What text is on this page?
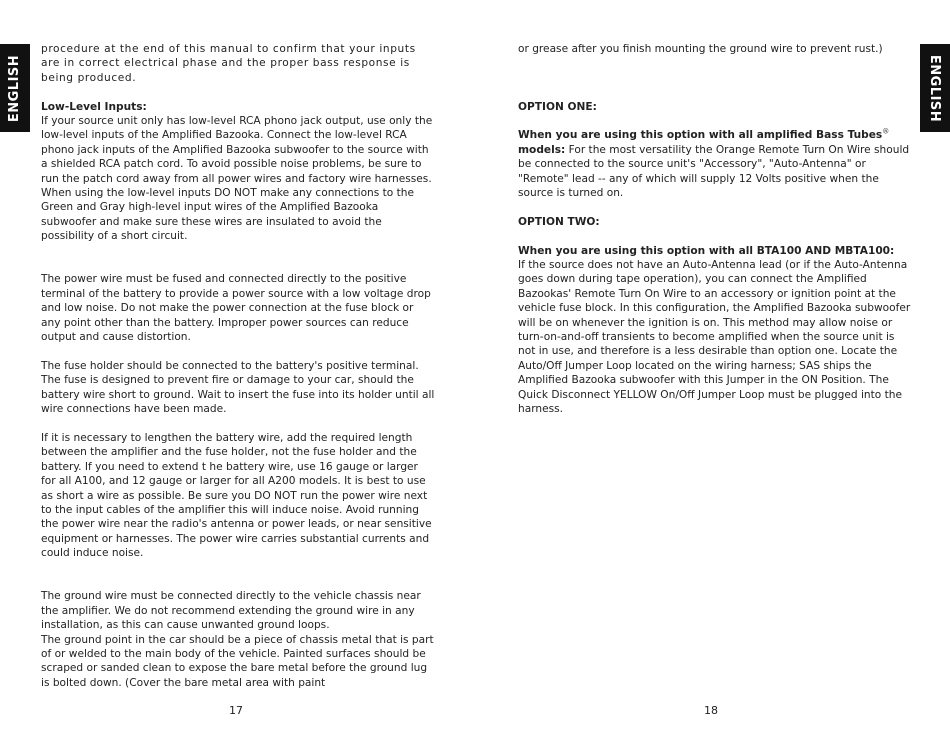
ENGLISH	ENGLISH

procedure at the end of this manual to confirm that your inputs are in correct electrical phase and the proper bass response is being produced.

Low-Level Inputs:

If your source unit only has low-level RCA phono jack output, use only the low-level inputs of the Amplified Bazooka. Connect the low-level RCA phono jack inputs of the Amplified Bazooka subwoofer to the source with a shielded RCA patch cord. To avoid possible noise problems, be sure to run the patch cord away from all power wires and factory wire harnesses. When using the low-level inputs DO NOT make any connections to the Green and Gray high-level input wires of the Amplified Bazooka subwoofer and make sure these wires are insulated to avoid the possibility of a short circuit.

The power wire must be fused and connected directly to the positive terminal of the battery to provide a power source with a low voltage drop and low noise. Do not make the power connection at the fuse block or any point other than the battery. Improper power sources can reduce output and cause distortion.

The fuse holder should be connected to the battery's positive terminal. The fuse is designed to prevent fire or damage to your car, should the battery wire short to ground. Wait to insert the fuse into its holder until all wire connections have been made.

If it is necessary to lengthen the battery wire, add the required length between the amplifier and the fuse holder, not the fuse holder and the battery. If you need to extend t he battery wire, use 16 gauge or larger for all A100, and 12 gauge or larger for all A200 models. It is best to use as short a wire as possible. Be sure you DO NOT run the power wire next to the input cables of the amplifier this will induce noise. Avoid running the power wire near the radio's antenna or power leads, or near sensitive equipment or harnesses. The power wire carries substantial currents and could induce noise.

The ground wire must be connected directly to the vehicle chassis near the amplifier. We do not recommend extending the ground wire in any installation, as this can cause unwanted ground loops.

The ground point in the car should be a piece of chassis metal that is part of or welded to the main body of the vehicle. Painted surfaces should be scraped or sanded clean to expose the bare metal before the ground lug is bolted down. (Cover the bare metal area with paint

or grease after you finish mounting the ground wire to prevent rust.)

OPTION ONE:

When you are using this option with all amplified Bass Tubes® models: For the most versatility the Orange Remote Turn On Wire should be connected to the source unit's "Accessory", "Auto-Antenna" or "Remote" lead -- any of which will supply 12 Volts positive when the source is turned on.

OPTION TWO:

When you are using this option with all BTA100 AND MBTA100:

If the source does not have an Auto-Antenna lead (or if the Auto-Antenna goes down during tape operation), you can connect the Amplified Bazookas' Remote Turn On Wire to an accessory or ignition point at the vehicle fuse block. In this configuration, the Amplified Bazooka subwoofer will be on whenever the ignition is on. This method may allow noise or turn-on-and-off transients to become amplified when the source unit is not in use, and therefore is a less desirable than option one. Locate the Auto/Off Jumper Loop located on the wiring harness; SAS ships the Amplified Bazooka subwoofer with this Jumper in the ON Position. The Quick Disconnect YELLOW On/Off Jumper Loop must be plugged into the harness.

17	18
